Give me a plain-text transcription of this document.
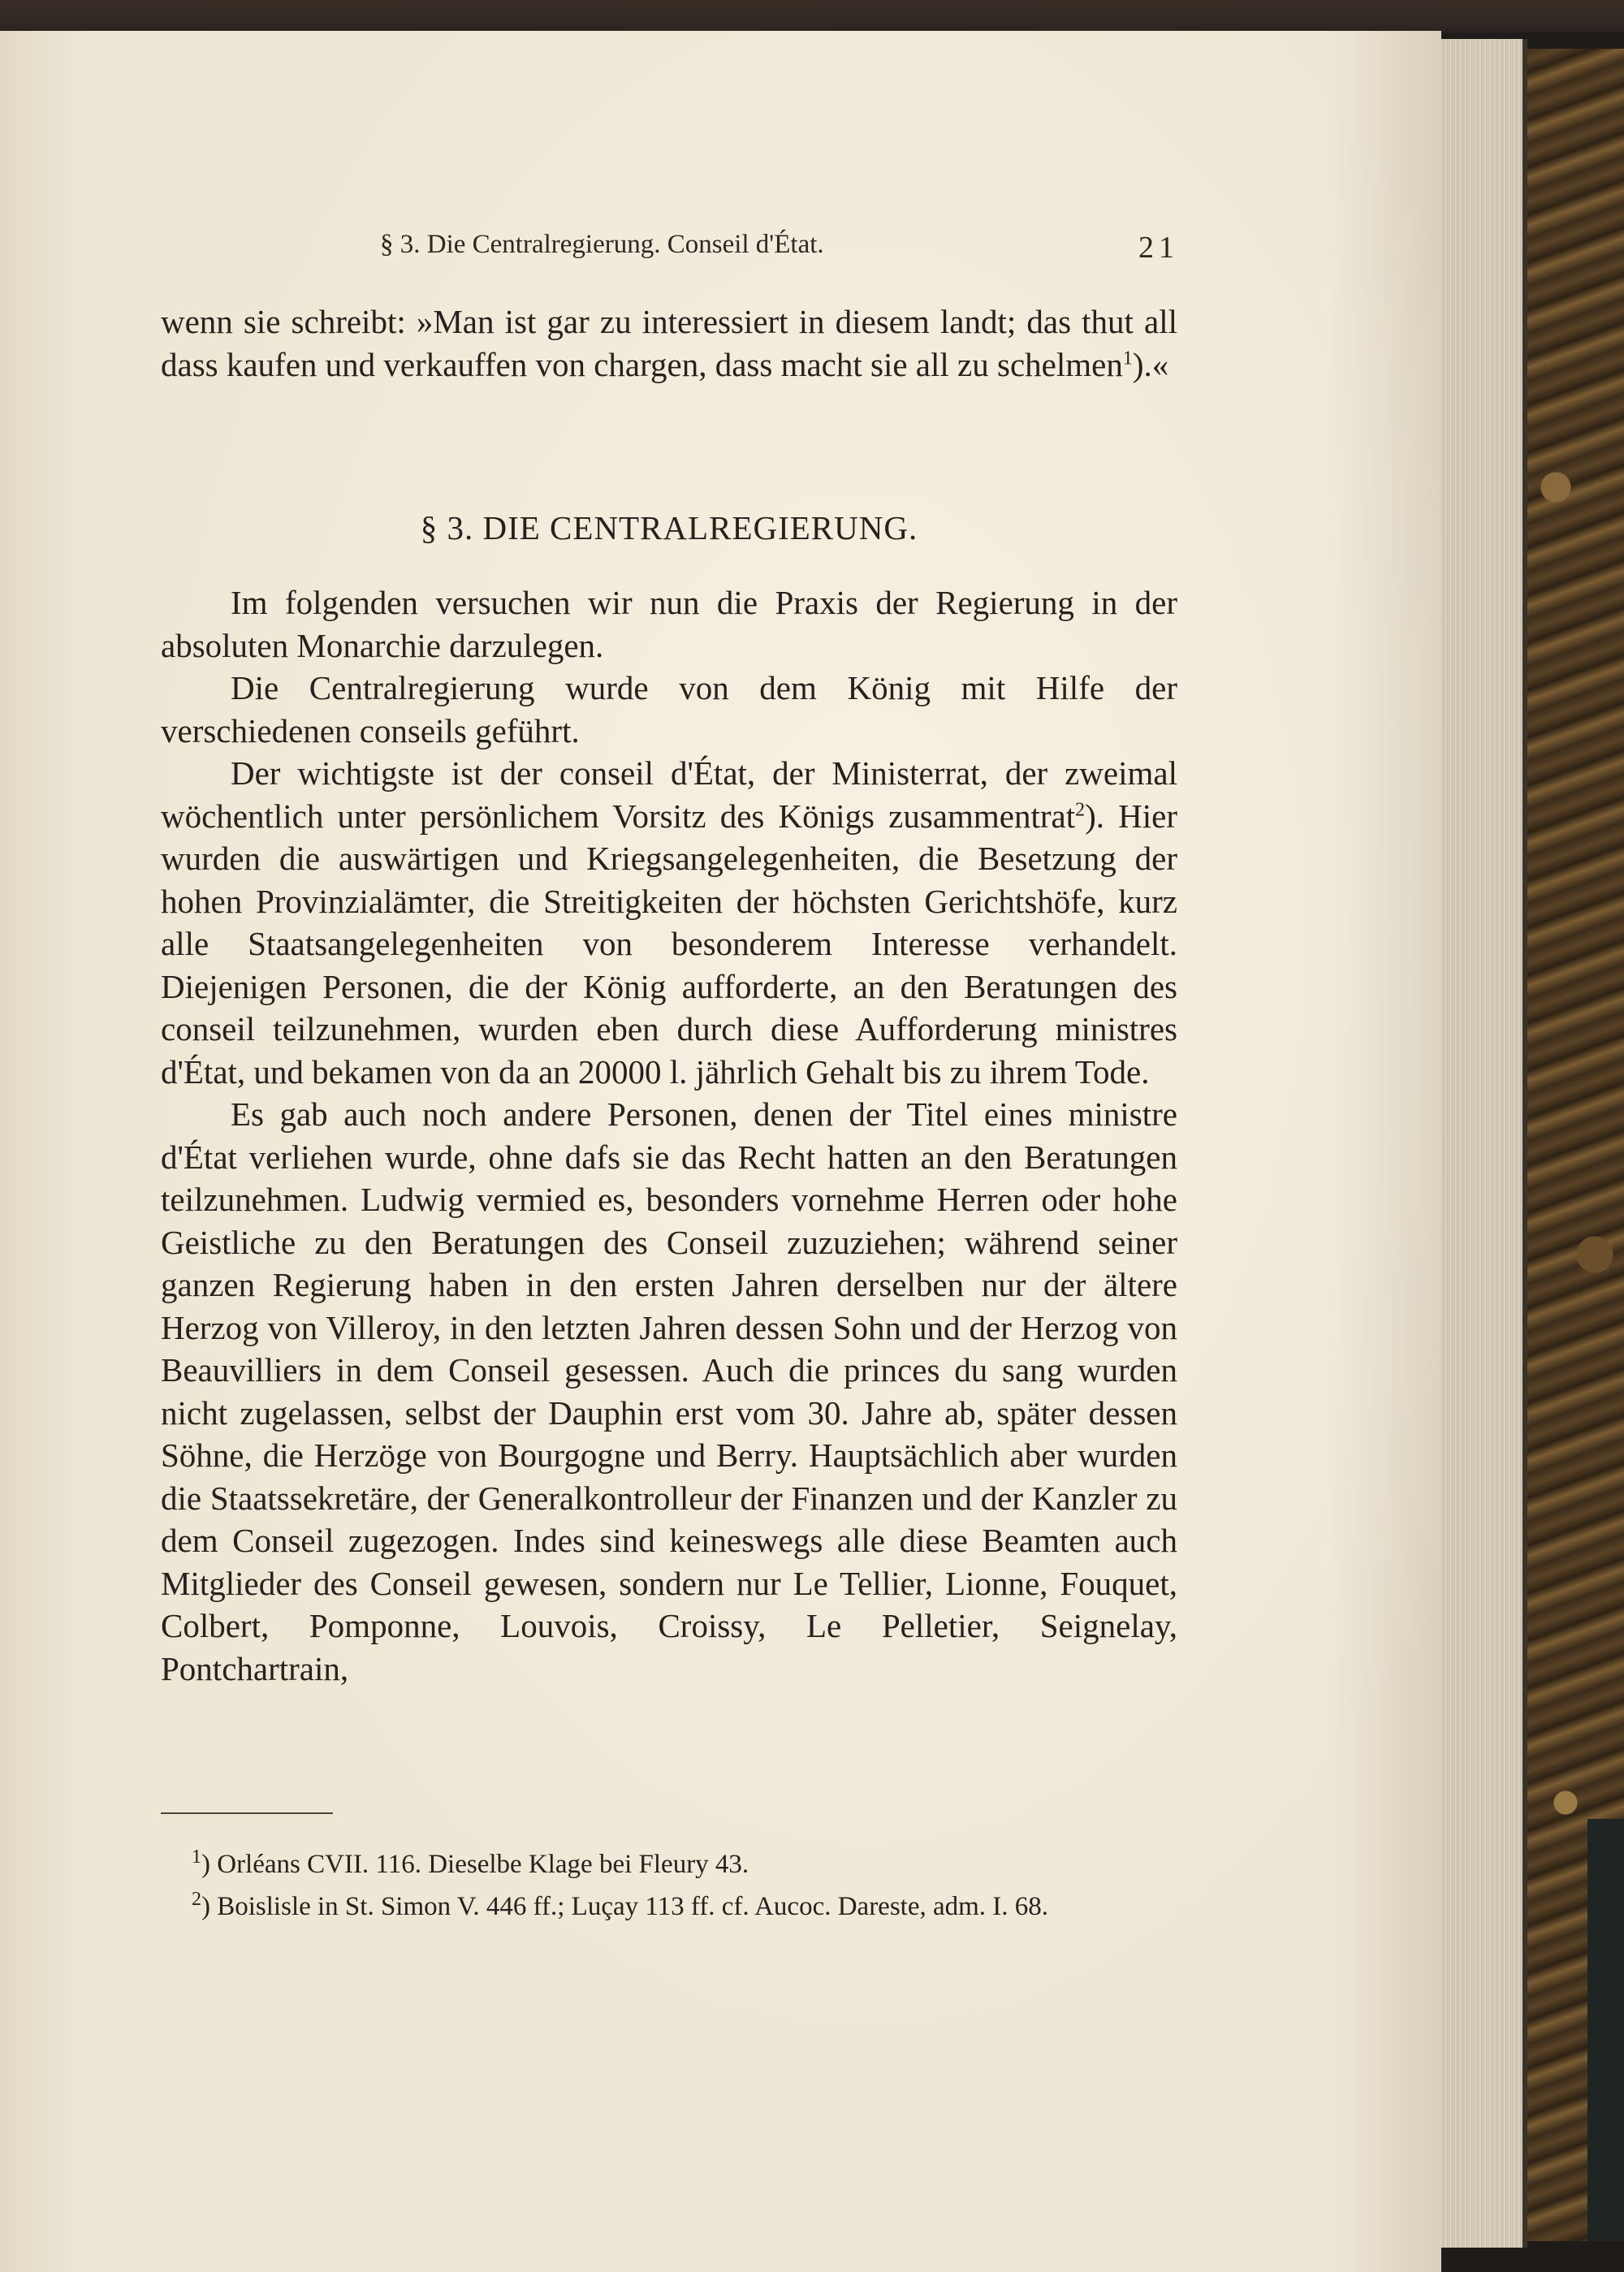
§ 3. Die Centralregierung. Conseil d'État.	21

wenn sie schreibt: »Man ist gar zu interessiert in diesem landt; das thut all dass kaufen und verkauffen von chargen, dass macht sie all zu schelmen$^1$).«

§ 3. DIE CENTRALREGIERUNG.

Im folgenden versuchen wir nun die Praxis der Regierung in der absoluten Monarchie darzulegen.

Die Centralregierung wurde von dem König mit Hilfe der verschiedenen conseils geführt.

Der wichtigste ist der conseil d'État, der Ministerrat, der zweimal wöchentlich unter persönlichem Vorsitz des Königs zusammentrat$^2$). Hier wurden die auswärtigen und Kriegsangelegenheiten, die Besetzung der hohen Provinzialämter, die Streitigkeiten der höchsten Gerichtshöfe, kurz alle Staatsangelegenheiten von besonderem Interesse verhandelt. Diejenigen Personen, die der König aufforderte, an den Beratungen des conseil teilzunehmen, wurden eben durch diese Aufforderung ministres d'État, und bekamen von da an 20000 l. jährlich Gehalt bis zu ihrem Tode.

Es gab auch noch andere Personen, denen der Titel eines ministre d'État verliehen wurde, ohne dafs sie das Recht hatten an den Beratungen teilzunehmen. Ludwig vermied es, besonders vornehme Herren oder hohe Geistliche zu den Beratungen des Conseil zuzuziehen; während seiner ganzen Regierung haben in den ersten Jahren derselben nur der ältere Herzog von Villeroy, in den letzten Jahren dessen Sohn und der Herzog von Beauvilliers in dem Conseil gesessen. Auch die princes du sang wurden nicht zugelassen, selbst der Dauphin erst vom 30. Jahre ab, später dessen Söhne, die Herzöge von Bourgogne und Berry. Hauptsächlich aber wurden die Staatssekretäre, der Generalkontrolleur der Finanzen und der Kanzler zu dem Conseil zugezogen. Indes sind keineswegs alle diese Beamten auch Mitglieder des Conseil gewesen, sondern nur Le Tellier, Lionne, Fouquet, Colbert, Pomponne, Louvois, Croissy, Le Pelletier, Seignelay, Pontchartrain,

$^1$) Orléans CVII. 116. Dieselbe Klage bei Fleury 43.

$^2$) Boislisle in St. Simon V. 446 ff.; Luçay 113 ff. cf. Aucoc. Dareste, adm. I. 68.
